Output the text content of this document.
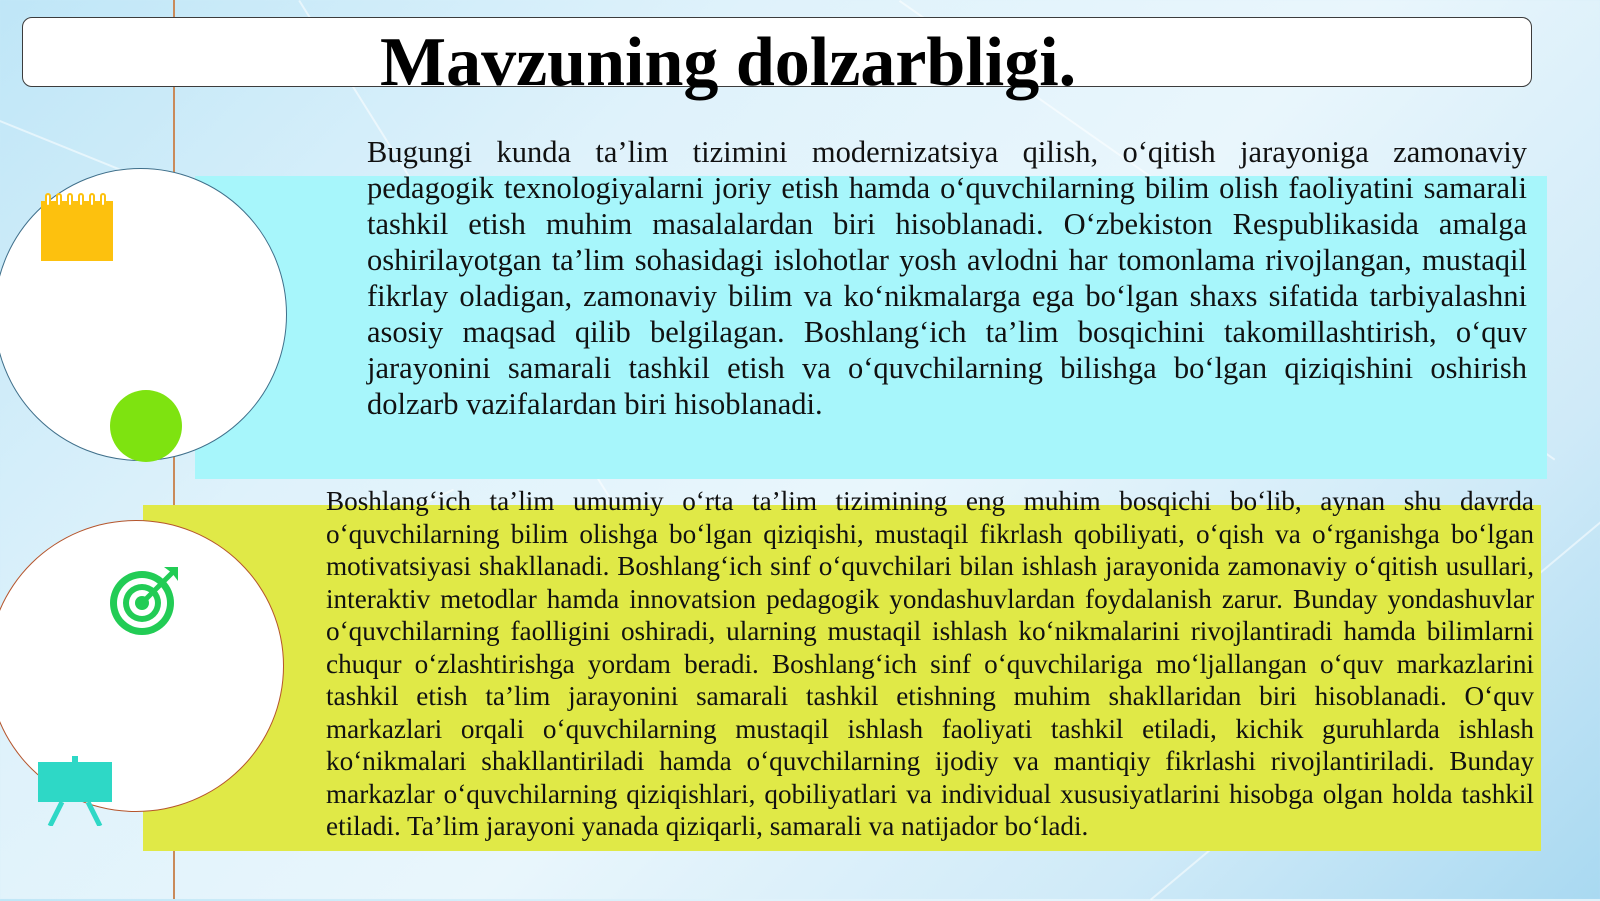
Mavzuning dolzarbligi.
Bugungi kunda ta’lim tizimini modernizatsiya qilish, o‘qitish jarayoniga zamonaviy pedagogik texnologiyalarni joriy etish hamda o‘quvchilarning bilim olish faoliyatini samarali tashkil etish muhim masalalardan biri hisoblanadi. O‘zbekiston Respublikasida amalga oshirilayotgan ta’lim sohasidagi islohotlar yosh avlodni har tomonlama rivojlangan, mustaqil fikrlay oladigan, zamonaviy bilim va ko‘nikmalarga ega bo‘lgan shaxs sifatida tarbiyalashni asosiy maqsad qilib belgilagan. Boshlang‘ich ta’lim bosqichini takomillashtirish, o‘quv jarayonini samarali tashkil etish va o‘quvchilarning bilishga bo‘lgan qiziqishini oshirish dolzarb vazifalardan biri hisoblanadi.
Boshlang‘ich ta’lim umumiy o‘rta ta’lim tizimining eng muhim bosqichi bo‘lib, aynan shu davrda o‘quvchilarning bilim olishga bo‘lgan qiziqishi, mustaqil fikrlash qobiliyati, o‘qish va o‘rganishga bo‘lgan motivatsiyasi shakllanadi. Boshlang‘ich sinf o‘quvchilari bilan ishlash jarayonida zamonaviy o‘qitish usullari, interaktiv metodlar hamda innovatsion pedagogik yondashuvlardan foydalanish zarur. Bunday yondashuvlar o‘quvchilarning faolligini oshiradi, ularning mustaqil ishlash ko‘nikmalarini rivojlantiradi hamda bilimlarni chuqur o‘zlashtirishga yordam beradi. Boshlang‘ich sinf o‘quvchilariga mo‘ljallangan o‘quv markazlarini tashkil etish ta’lim jarayonini samarali tashkil etishning muhim shakllaridan biri hisoblanadi. O‘quv markazlari orqali o‘quvchilarning mustaqil ishlash faoliyati tashkil etiladi, kichik guruhlarda ishlash ko‘nikmalari shakllantiriladi hamda o‘quvchilarning ijodiy va mantiqiy fikrlashi rivojlantiriladi. Bunday markazlar o‘quvchilarning qiziqishlari, qobiliyatlari va individual xususiyatlarini hisobga olgan holda tashkil etiladi. Ta’lim jarayoni yanada qiziqarli, samarali va natijador bo‘ladi.
